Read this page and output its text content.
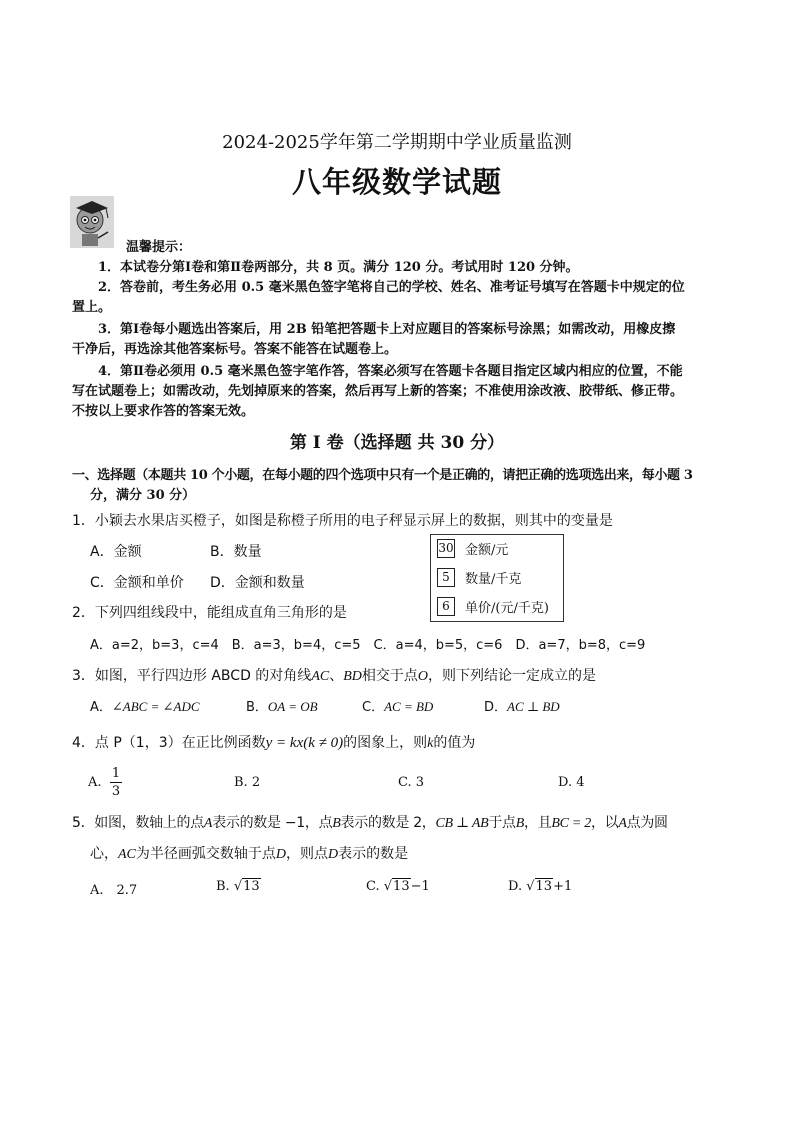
2024-2025学年第二学期期中学业质量监测
八年级数学试题
温馨提示：
1．本试卷分第Ⅰ卷和第Ⅱ卷两部分，共 8 页。满分 120 分。考试用时 120 分钟。
2．答卷前，考生务必用 0.5 毫米黑色签字笔将自己的学校、姓名、准考证号填写在答题卡中规定的位
置上。
3．第Ⅰ卷每小题选出答案后，用 2B 铅笔把答题卡上对应题目的答案标号涂黑；如需改动，用橡皮擦
干净后，再选涂其他答案标号。答案不能答在试题卷上。
4．第Ⅱ卷必须用 0.5 毫米黑色签字笔作答，答案必须写在答题卡各题目指定区域内相应的位置，不能
写在试题卷上；如需改动，先划掉原来的答案，然后再写上新的答案；不准使用涂改液、胶带纸、修正带。
不按以上要求作答的答案无效。
第 Ⅰ 卷（选择题 共 30 分）
一、选择题（本题共 10 个小题，在每小题的四个选项中只有一个是正确的，请把正确的选项选出来，每小题 3
分，满分 30 分）
1．小颖去水果店买橙子，如图是称橙子所用的电子秤显示屏上的数据，则其中的变量是
A．金额	B．数量
C．金额和单价 D．金额和数量
30 金额/元
5 数量/千克
6 单价/(元/千克)
2．下列四组线段中，能组成直角三角形的是
A．a=2，b=3，c=4　B．a=3，b=4，c=5　C．a=4，b=5，c=6　D．a=7，b=8，c=9
3．如图，平行四边形 ABCD 的对角线AC、BD相交于点O，则下列结论一定成立的是
A．∠ABC = ∠ADC	B．OA = OB	C．AC = BD	D．AC ⊥ BD
4．点 P（1，3）在正比例函数y = kx(k ≠ 0)的图象上，则k的值为
A.
1
3
B. 2	C. 3	D. 4
5．如图，数轴上的点A表示的数是 −1，点B表示的数是 2，CB ⊥ AB于点B，且BC = 2，以A点为圆
心，AC为半径画弧交数轴于点D，则点D表示的数是
A.　2.7	B. √13	C. √13−1	D. √13+1
